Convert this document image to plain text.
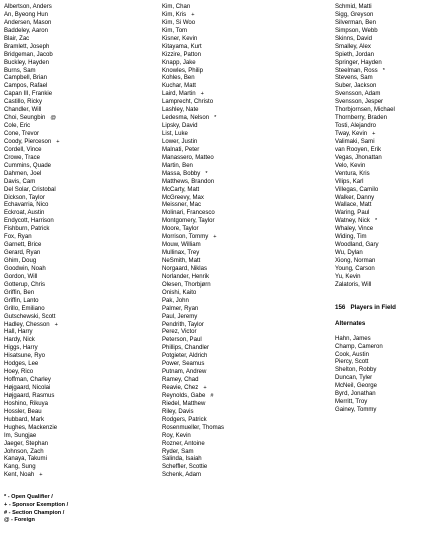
Albertson, Anders
An, Byeong Hun
Andersen, Mason
Baddeley, Aaron
Blair, Zac
Bramlett, Joseph
Bridgeman, Jacob
Buckley, Hayden
Burns, Sam
Campbell, Brian
Campos, Rafael
Capan III, Frankie
Castillo, Ricky
Chandler, Will
Choi, Seungbin @
Cole, Eric
Cone, Trevor
Coody, Pierceson +
Cordell, Vince
Crowe, Trace
Cummins, Quade
Dahmen, Joel
Davis, Cam
Del Solar, Cristobal
Dickson, Taylor
Echavarria, Nico
Eckroat, Austin
Endycott, Harrison
Fishburn, Patrick
Fox, Ryan
Garnett, Brice
Gerard, Ryan
Ghim, Doug
Goodwin, Noah
Gordon, Will
Gotterup, Chris
Griffin, Ben
Griffin, Lanto
Grillo, Emiliano
Gutschewski, Scott
Hadley, Chesson +
Hall, Harry
Hardy, Nick
Higgs, Harry
Hisatsune, Ryo
Hodges, Lee
Hoey, Rico
Hoffman, Charley
Højgaard, Nicolai
Højgaard, Rasmus
Hoshino, Rikuya
Hossler, Beau
Hubbard, Mark
Hughes, Mackenzie
Im, Sungjae
Jaeger, Stephan
Johnson, Zach
Kanaya, Takumi
Kang, Sung
Kent, Noah +
Kim, Chan
Kim, Kris +
Kim, Si Woo
Kim, Tom
Kisner, Kevin
Kitayama, Kurt
Kizzire, Patton
Knapp, Jake
Knowles, Philip
Kohles, Ben
Kuchar, Matt
Laird, Martin +
Lamprecht, Christo
Lashley, Nate
Ledesma, Nelson *
Lipsky, David
List, Luke
Lower, Justin
Malnati, Peter
Manassero, Matteo
Martin, Ben
Massa, Bobby *
Matthews, Brandon
McCarty, Matt
McGreevy, Max
Meissner, Mac
Molinari, Francesco
Montgomery, Taylor
Moore, Taylor
Morrison, Tommy +
Mouw, William
Mullinax, Trey
NeSmith, Matt
Norgaard, Niklas
Norlander, Henrik
Olesen, Thorbjørn
Onishi, Kaito
Pak, John
Palmer, Ryan
Paul, Jeremy
Pendrith, Taylor
Perez, Victor
Peterson, Paul
Phillips, Chandler
Potgieter, Aldrich
Power, Seamus
Putnam, Andrew
Ramey, Chad
Reavie, Chez +
Reynolds, Gabe #
Riedel, Matthew
Riley, Davis
Rodgers, Patrick
Rosenmueller, Thomas
Roy, Kevin
Rozner, Antoine
Ryder, Sam
Salinda, Isaiah
Scheffler, Scottie
Schenk, Adam
Schmid, Matti
Sigg, Greyson
Silverman, Ben
Simpson, Webb
Skinns, David
Smalley, Alex
Spieth, Jordan
Springer, Hayden
Steelman, Ross *
Stevens, Sam
Suber, Jackson
Svensson, Adam
Svensson, Jesper
Thorbjornsen, Michael
Thornberry, Braden
Tosti, Alejandro
Tway, Kevin +
Valimaki, Sami
van Rooyen, Erik
Vegas, Jhonattan
Velo, Kevin
Ventura, Kris
Vilips, Karl
Villegas, Camilo
Walker, Danny
Wallace, Matt
Waring, Paul
Watney, Nick *
Whaley, Vince
Widing, Tim
Woodland, Gary
Wu, Dylan
Xiong, Norman
Young, Carson
Yu, Kevin
Zalatoris, Will
156 Players in Field
Alternates
Hahn, James
Champ, Cameron
Cook, Austin
Piercy, Scott
Shelton, Robby
Duncan, Tyler
McNeil, George
Byrd, Jonathan
Merritt, Troy
Gainey, Tommy
* - Open Qualifier /
+ - Sponsor Exemption /
# - Section Champion /
@ - Foreign
